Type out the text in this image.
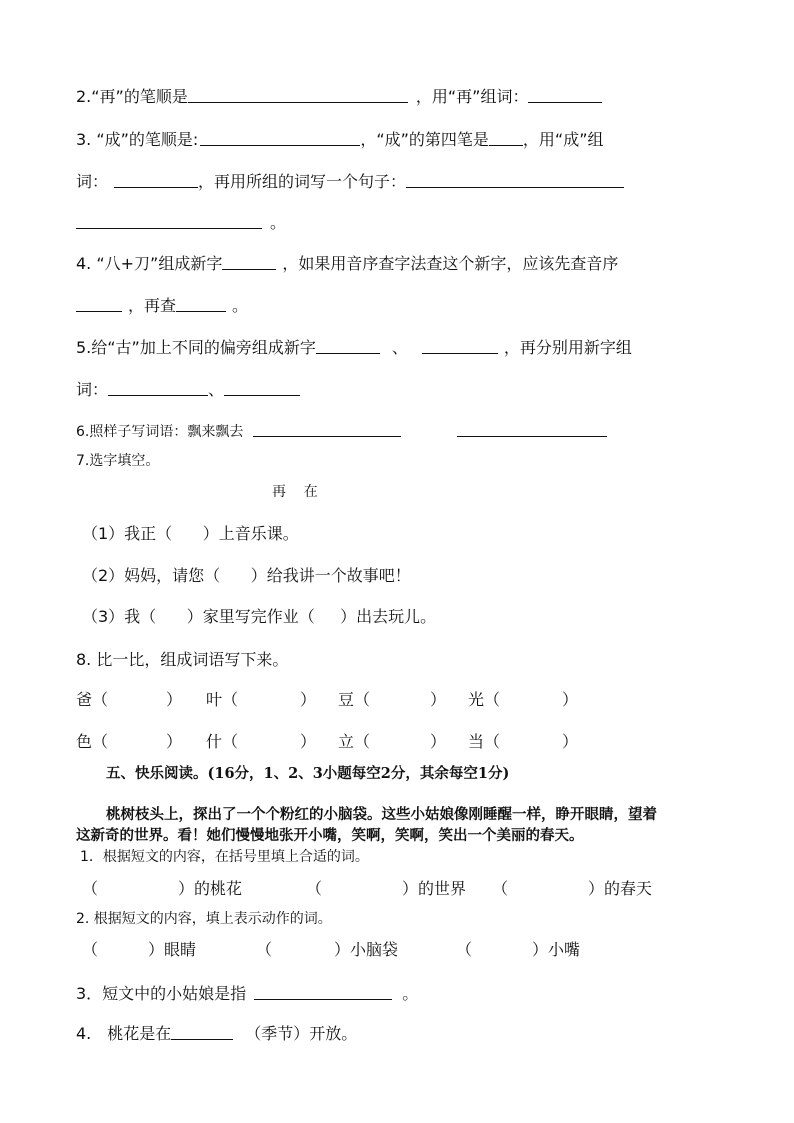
2.“再”的笔顺是	，用“再”组词：
3. “成”的笔顺是:	，“成”的第四笔是 ，用“成”组
词：	，再用所组的词写一个句子：
。
4. “八+刀”组成新字	，如果用音序查字法查这个新字，应该先查音序
，再查	。
5.给“古”加上不同的偏旁组成新字	、	，再分别用新字组
词：	、
6.照样子写词语：飘来飘去
7.选字填空。
再    在
（1）我正（      ）上音乐课。
（2）妈妈，请您（      ）给我讲一个故事吧！
（3）我（      ）家里写完作业（     ）出去玩儿。
8. 比一比，组成词语写下来。
爸（	） 叶（	） 豆（	） 光（	）
色（	） 什（	） 立（	） 当（	）
五、快乐阅读。(16分，1、2、3小题每空2分，其余每空1分)
桃树枝头上，探出了一个个粉红的小脑袋。这些小姑娘像刚睡醒一样，睁开眼睛，望着
这新奇的世界。看！她们慢慢地张开小嘴，笑啊，笑啊，笑出一个美丽的春天。
1．根据短文的内容，在括号里填上合适的词。
（	）的桃花	（	）的世界 （	）的春天
2. 根据短文的内容，填上表示动作的词。
（	）眼睛	（	）小脑袋	（	）小嘴
3．短文中的小姑娘是指	。
4. 桃花是在	（季节）开放。
